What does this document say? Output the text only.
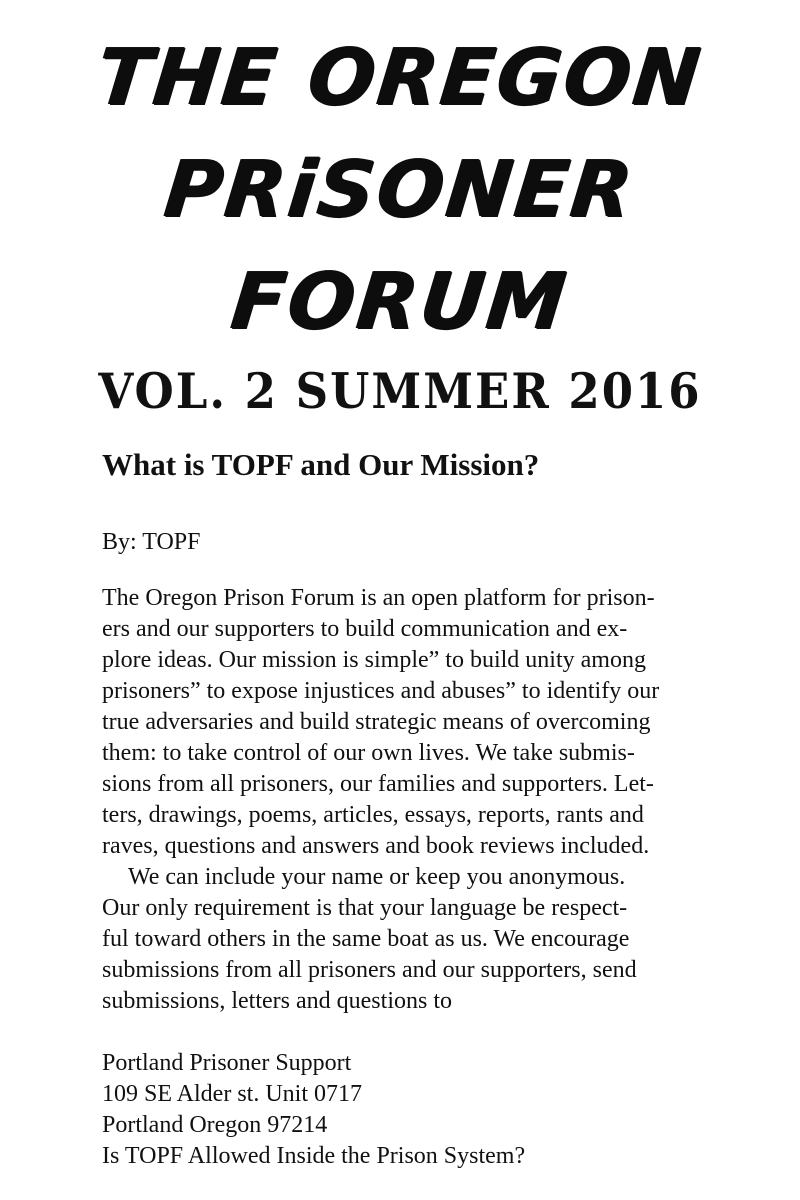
THE OREGON
PRiSONER
FORUM
VOL. 2 SUMMER 2016
What is TOPF and Our Mission?
By: TOPF
The Oregon Prison Forum is an open platform for prison-
ers and our supporters to build communication and ex-
plore ideas. Our mission is simple” to build unity among
prisoners” to expose injustices and abuses” to identify our
true adversaries and build strategic means of overcoming
them: to take control of our own lives. We take submis-
sions from all prisoners, our families and supporters. Let-
ters, drawings, poems, articles, essays, reports, rants and
raves, questions and answers and book reviews included.
We can include your name or keep you anonymous.
Our only requirement is that your language be respect-
ful toward others in the same boat as us. We encourage
submissions from all prisoners and our supporters, send
submissions, letters and questions to
Portland Prisoner Support
109 SE Alder st. Unit 0717
Portland Oregon 97214
Is TOPF Allowed Inside the Prison System?
